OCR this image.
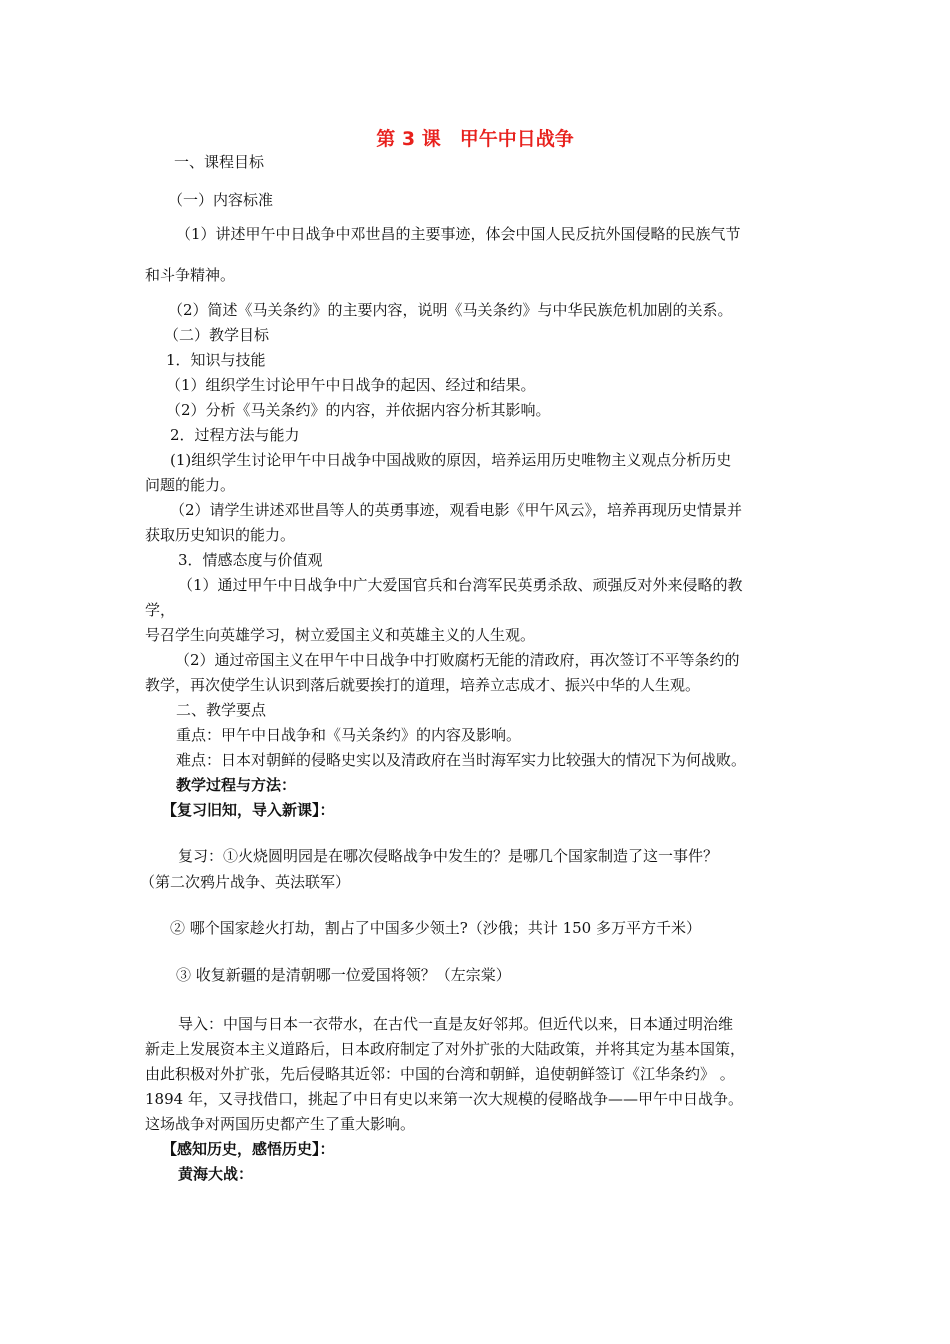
第 3 课　甲午中日战争
一、课程目标
（一）内容标准
（1）讲述甲午中日战争中邓世昌的主要事迹，体会中国人民反抗外国侵略的民族气节
和斗争精神。
（2）简述《马关条约》的主要内容，说明《马关条约》与中华民族危机加剧的关系。
（二）教学目标
1．知识与技能
（1）组织学生讨论甲午中日战争的起因、经过和结果。
（2）分析《马关条约》的内容，并依据内容分析其影响。
2．过程方法与能力
(1)组织学生讨论甲午中日战争中国战败的原因，培养运用历史唯物主义观点分析历史
问题的能力。
（2）请学生讲述邓世昌等人的英勇事迹，观看电影《甲午风云》，培养再现历史情景并
获取历史知识的能力。
3．情感态度与价值观
（1）通过甲午中日战争中广大爱国官兵和台湾军民英勇杀敌、顽强反对外来侵略的教
学，
号召学生向英雄学习，树立爱国主义和英雄主义的人生观。
（2）通过帝国主义在甲午中日战争中打败腐朽无能的清政府，再次签订不平等条约的
教学，再次使学生认识到落后就要挨打的道理，培养立志成才、振兴中华的人生观。
二、教学要点
重点：甲午中日战争和《马关条约》的内容及影响。
难点：日本对朝鲜的侵略史实以及清政府在当时海军实力比较强大的情况下为何战败。
教学过程与方法：
【复习旧知，导入新课】：
复习：①火烧圆明园是在哪次侵略战争中发生的？是哪几个国家制造了这一事件？
（第二次鸦片战争、英法联军）
② 哪个国家趁火打劫，割占了中国多少领土?（沙俄；共计 150 多万平方千米）
③ 收复新疆的是清朝哪一位爱国将领？（左宗棠）
导入：中国与日本一衣带水，在古代一直是友好邻邦。但近代以来，日本通过明治维
新走上发展资本主义道路后，日本政府制定了对外扩张的大陆政策，并将其定为基本国策，
由此积极对外扩张，先后侵略其近邻：中国的台湾和朝鲜，追使朝鲜签订《江华条约》 。
1894 年，又寻找借口，挑起了中日有史以来第一次大规模的侵略战争——甲午中日战争。
这场战争对两国历史都产生了重大影响。
【感知历史，感悟历史】：
黄海大战：
